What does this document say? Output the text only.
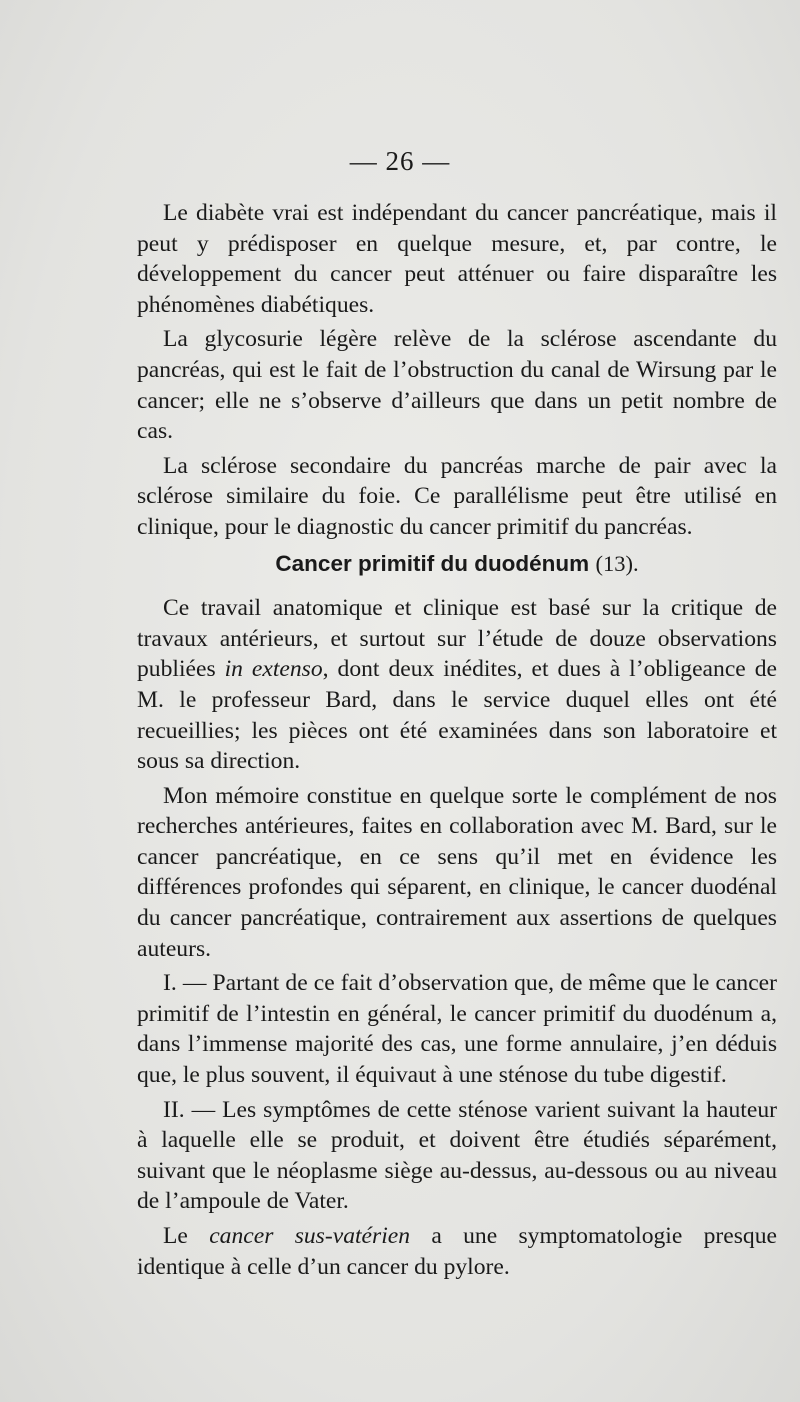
— 26 —

Le diabète vrai est indépendant du cancer pancréatique, mais il peut y prédisposer en quelque mesure, et, par contre, le développement du cancer peut atténuer ou faire disparaître les phénomènes diabétiques.

La glycosurie légère relève de la sclérose ascendante du pancréas, qui est le fait de l’obstruction du canal de Wirsung par le cancer; elle ne s’observe d’ailleurs que dans un petit nombre de cas.

La sclérose secondaire du pancréas marche de pair avec la sclérose similaire du foie. Ce parallélisme peut être utilisé en clinique, pour le diagnostic du cancer primitif du pancréas.

Cancer primitif du duodénum (13).

Ce travail anatomique et clinique est basé sur la critique de travaux antérieurs, et surtout sur l’étude de douze observations publiées in extenso, dont deux inédites, et dues à l’obligeance de M. le professeur Bard, dans le service duquel elles ont été recueillies; les pièces ont été examinées dans son laboratoire et sous sa direction.

Mon mémoire constitue en quelque sorte le complément de nos recherches antérieures, faites en collaboration avec M. Bard, sur le cancer pancréatique, en ce sens qu’il met en évidence les différences profondes qui séparent, en clinique, le cancer duodénal du cancer pancréatique, contrairement aux assertions de quelques auteurs.

I. — Partant de ce fait d’observation que, de même que le cancer primitif de l’intestin en général, le cancer primitif du duodénum a, dans l’immense majorité des cas, une forme annulaire, j’en déduis que, le plus souvent, il équivaut à une sténose du tube digestif.

II. — Les symptômes de cette sténose varient suivant la hauteur à laquelle elle se produit, et doivent être étudiés séparément, suivant que le néoplasme siège au-dessus, au-dessous ou au niveau de l’ampoule de Vater.

Le cancer sus-vatérien a une symptomatologie presque identique à celle d’un cancer du pylore.
